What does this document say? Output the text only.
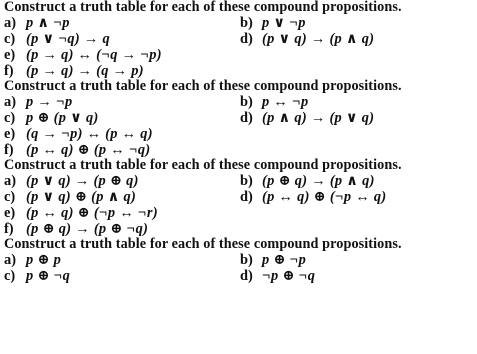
Construct a truth table for each of these compound propositions.

a) p ∧ ¬p	b) p ∨ ¬p
c) (p ∨ ¬q) → q	d) (p ∨ q) → (p ∧ q)
e) (p → q) ↔ (¬q → ¬p)
f) (p → q) → (q → p)

Construct a truth table for each of these compound propositions.

a) p → ¬p	b) p ↔ ¬p
c) p ⊕ (p ∨ q)	d) (p ∧ q) → (p ∨ q)
e) (q → ¬p) ↔ (p ↔ q)
f) (p ↔ q) ⊕ (p ↔ ¬q)

Construct a truth table for each of these compound propositions.

a) (p ∨ q) → (p ⊕ q)	b) (p ⊕ q) → (p ∧ q)
c) (p ∨ q) ⊕ (p ∧ q)	d) (p ↔ q) ⊕ (¬p ↔ q)
e) (p ↔ q) ⊕ (¬p ↔ ¬r)
f) (p ⊕ q) → (p ⊕ ¬q)

Construct a truth table for each of these compound propositions.

a) p ⊕ p	b) p ⊕ ¬p
c) p ⊕ ¬q	d) ¬p ⊕ ¬q
